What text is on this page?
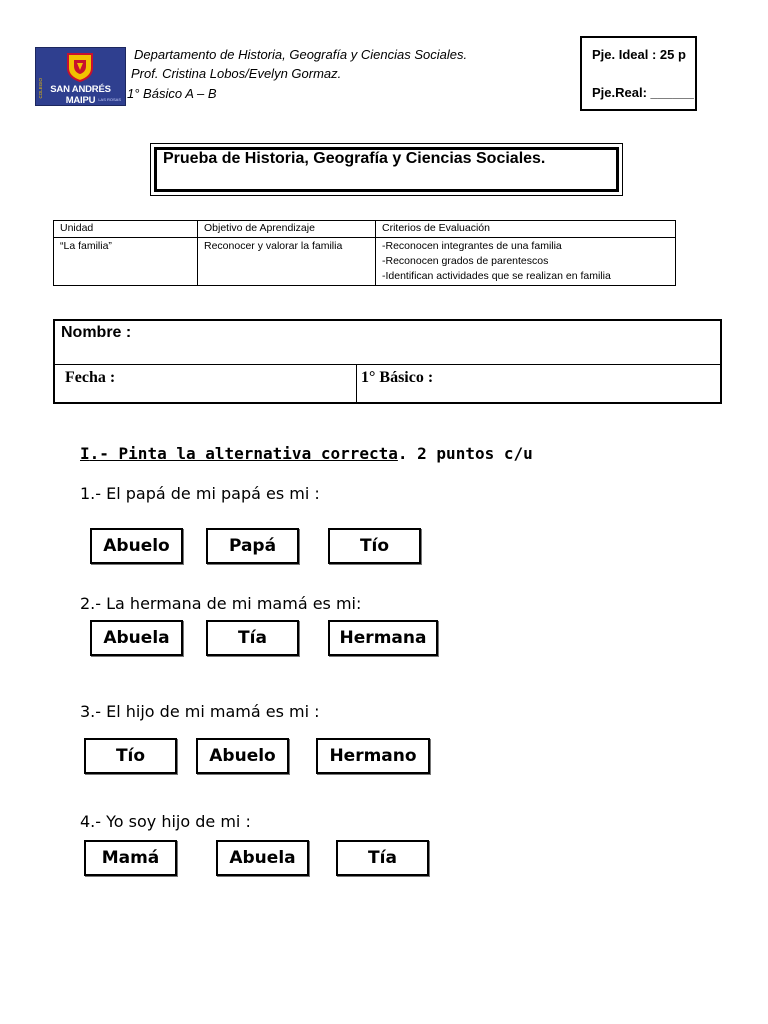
COLEGIO SAN ANDRÉS MAIPU LAS ROSAS
Departamento de Historia, Geografía y Ciencias Sociales.
Prof. Cristina Lobos/Evelyn Gormaz.
1° Básico A – B
Pje. Ideal : 25 p
Pje.Real: ______
Prueba de Historia, Geografía y Ciencias Sociales.
Unidad	Objetivo de Aprendizaje	Criterios de Evaluación
“La familia”	Reconocer y valorar la familia	-Reconocen integrantes de una familia
-Reconocen grados de parentescos
-Identifican actividades que se realizan en familia
Nombre :
Fecha :	1° Básico :
I.- Pinta la alternativa correcta. 2 puntos c/u
1.- El papá de mi papá es mi :
Abuelo	Papá	Tío
2.- La hermana de mi mamá es mi:
Abuela	Tía	Hermana
3.- El hijo de mi mamá es mi :
Tío	Abuelo	Hermano
4.- Yo soy hijo de mi :
Mamá	Abuela	Tía
